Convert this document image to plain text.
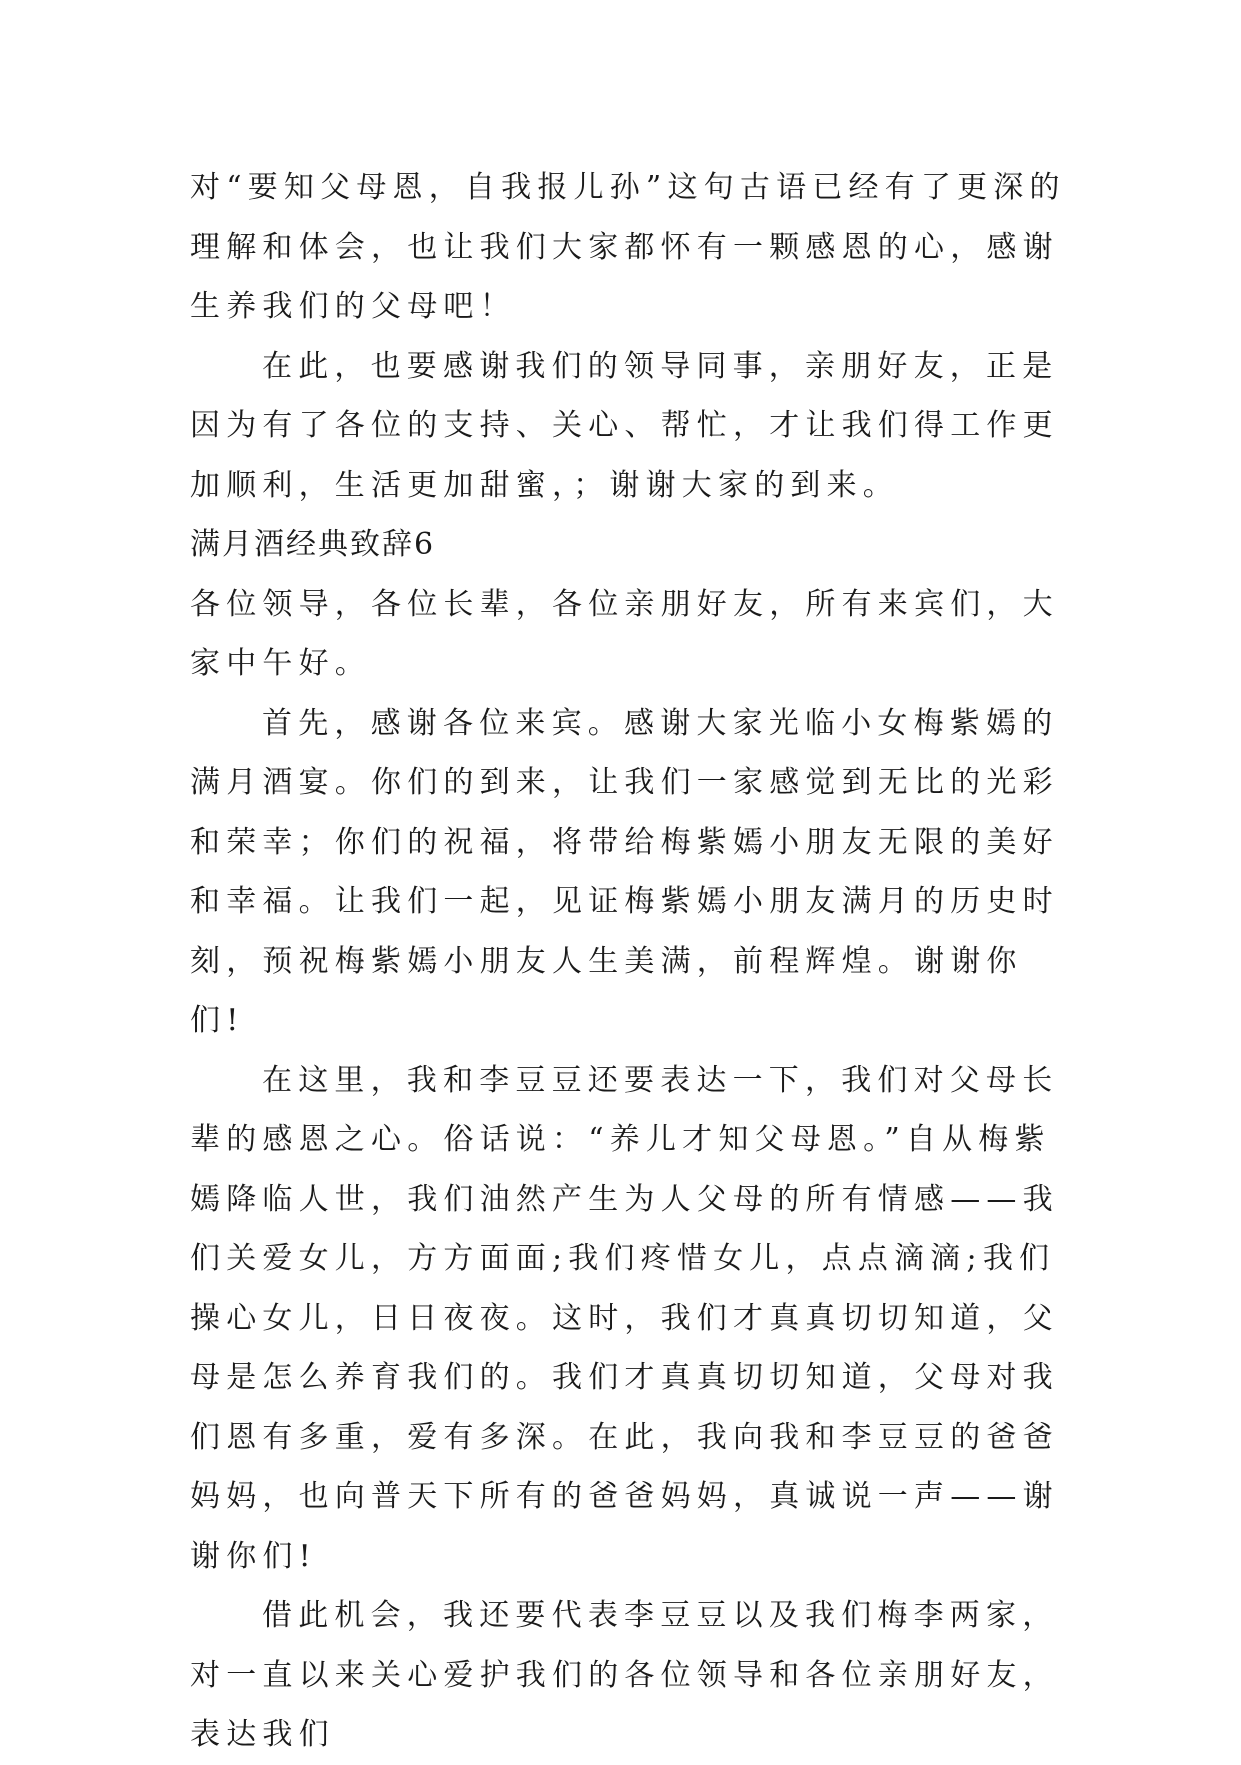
对“要知父母恩，自我报儿孙”这句古语已经有了更深的理解和体会，也让我们大家都怀有一颗感恩的心，感谢生养我们的父母吧！

在此，也要感谢我们的领导同事，亲朋好友，正是因为有了各位的支持、关心、帮忙，才让我们得工作更加顺利，生活更加甜蜜，；谢谢大家的到来。

满月酒经典致辞6

各位领导，各位长辈，各位亲朋好友，所有来宾们，大家中午好。

首先，感谢各位来宾。感谢大家光临小女梅紫嫣的满月酒宴。你们的到来，让我们一家感觉到无比的光彩和荣幸；你们的祝福，将带给梅紫嫣小朋友无限的美好和幸福。让我们一起，见证梅紫嫣小朋友满月的历史时刻，预祝梅紫嫣小朋友人生美满，前程辉煌。谢谢你们!

在这里，我和李豆豆还要表达一下，我们对父母长辈的感恩之心。俗话说：“养儿才知父母恩。”自从梅紫嫣降临人世，我们油然产生为人父母的所有情感——我们关爱女儿，方方面面;我们疼惜女儿，点点滴滴;我们操心女儿，日日夜夜。这时，我们才真真切切知道，父母是怎么养育我们的。我们才真真切切知道，父母对我们恩有多重，爱有多深。在此，我向我和李豆豆的爸爸妈妈，也向普天下所有的爸爸妈妈，真诚说一声——谢谢你们!

借此机会，我还要代表李豆豆以及我们梅李两家，对一直以来关心爱护我们的各位领导和各位亲朋好友，表达我们
